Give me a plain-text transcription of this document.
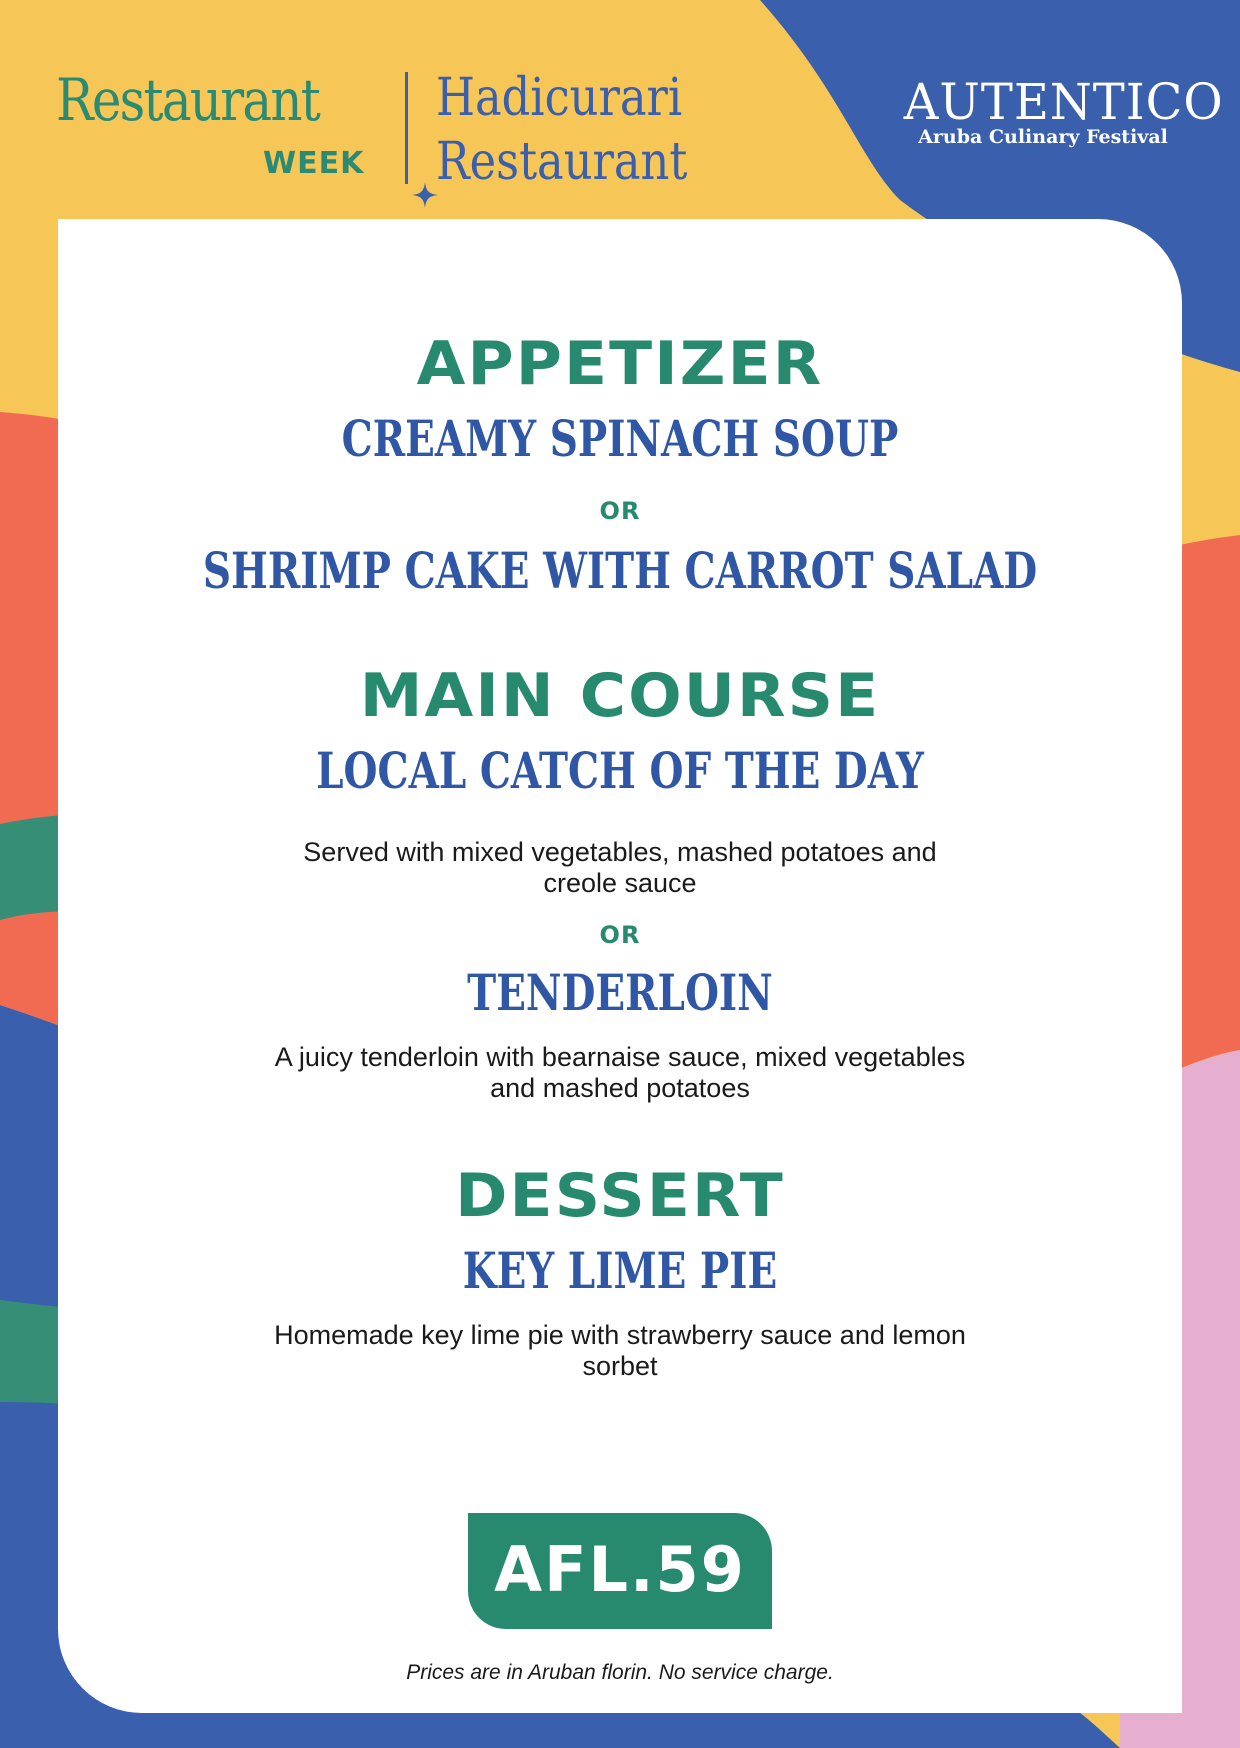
Restaurant
WEEK
Hadicurari
Restaurant
AUTENTICO
Aruba Culinary Festival
APPETIZER
CREAMY SPINACH SOUP
OR
SHRIMP CAKE WITH CARROT SALAD
MAIN COURSE
LOCAL CATCH OF THE DAY
Served with mixed vegetables, mashed potatoes and creole sauce
OR
TENDERLOIN
A juicy tenderloin with bearnaise sauce, mixed vegetables and mashed potatoes
DESSERT
KEY LIME PIE
Homemade key lime pie with strawberry sauce and lemon sorbet
AFL.59
Prices are in Aruban florin. No service charge.
